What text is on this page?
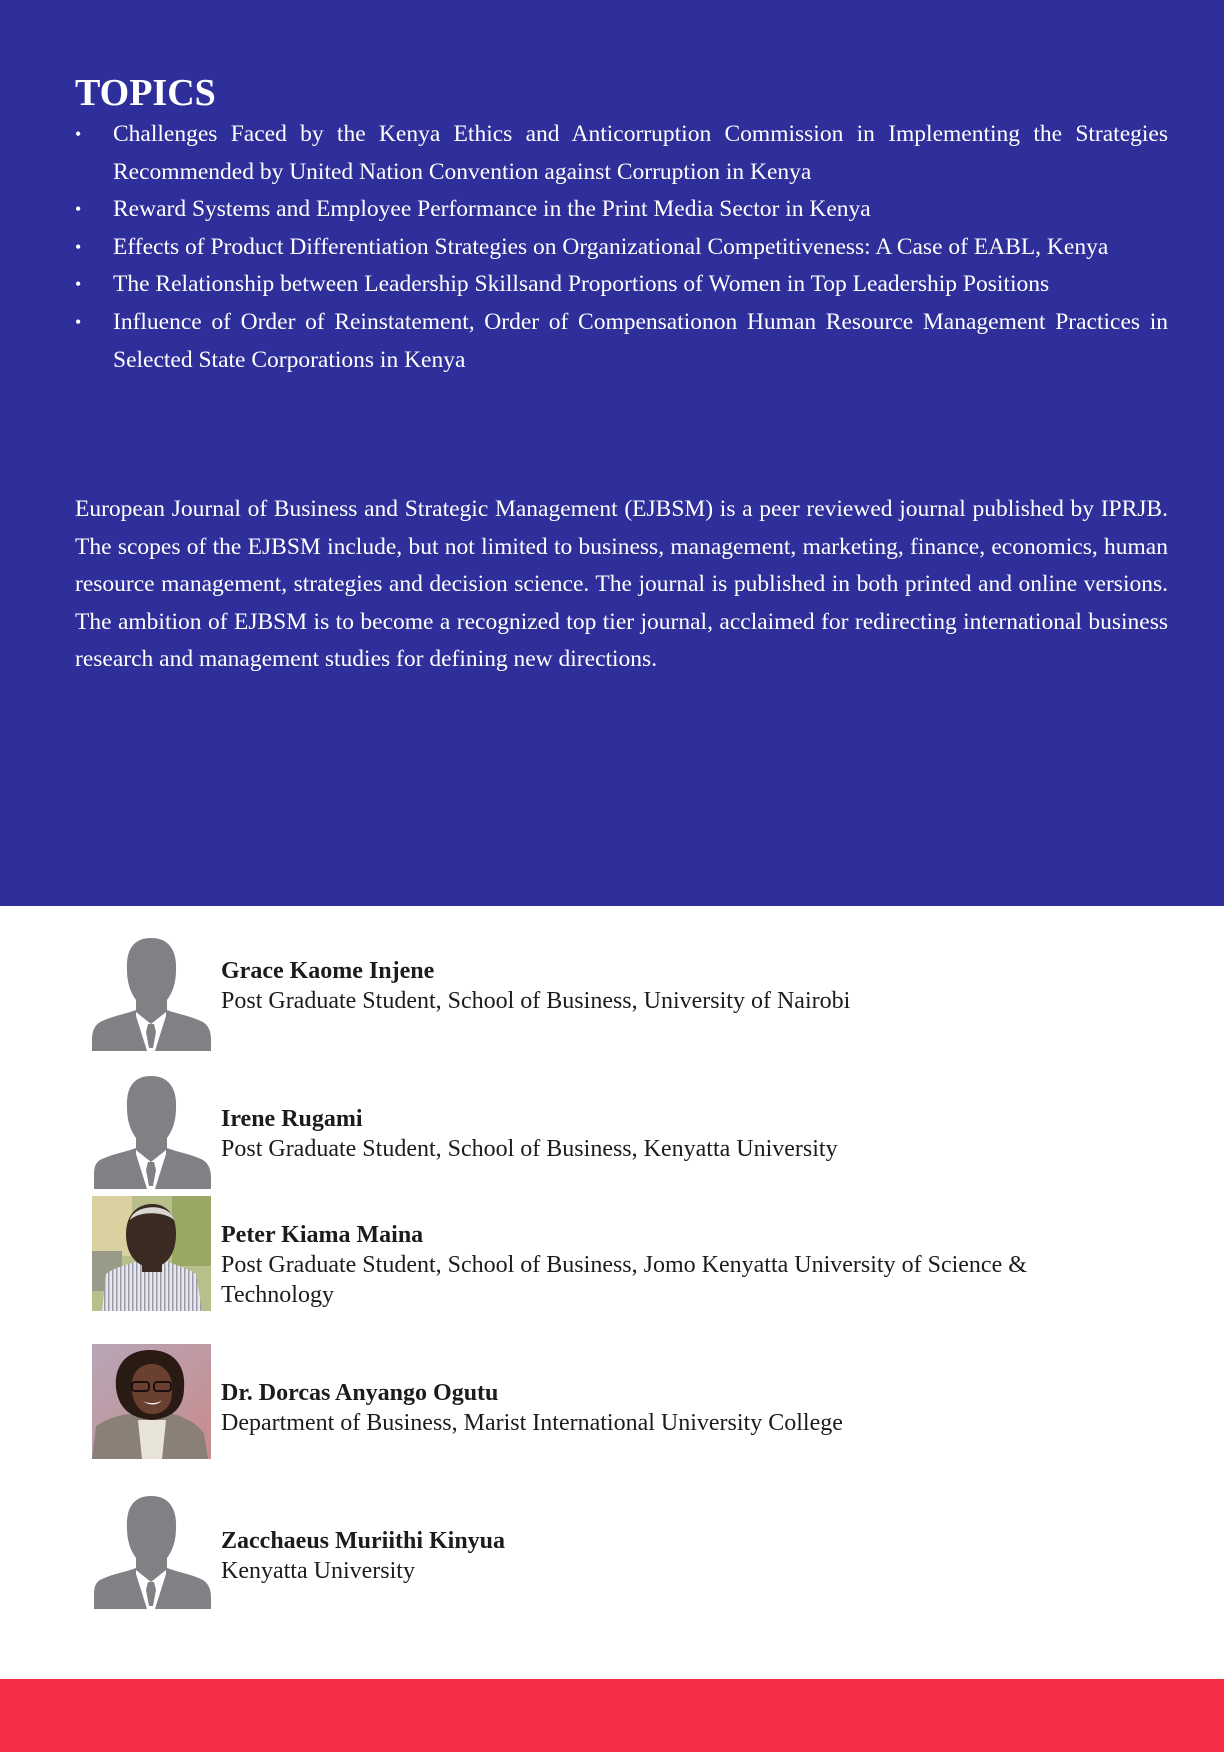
TOPICS
•	Challenges Faced by the Kenya Ethics and Anticorruption Commission in Implementing the Strategies Recommended by United Nation Convention against Corruption in Kenya
•	Reward Systems and Employee Performance in the Print Media Sector in Kenya
•	Effects of Product Differentiation Strategies on Organizational Competitiveness: A Case of EABL, Kenya
•	The Relationship between Leadership Skillsand Proportions of Women in Top Leadership Positions
•	Influence of Order of Reinstatement, Order of Compensationon Human Resource Management Practices in Selected State Corporations in Kenya

European Journal of Business and Strategic Management (EJBSM) is a peer reviewed journal published by IPRJB. The scopes of the EJBSM include, but not limited to business, management, marketing, finance, economics, human resource management, strategies and decision science. The journal is published in both printed and online versions. The ambition of EJBSM is to become a recognized top tier journal, acclaimed for redirecting international business research and management studies for defining new directions.

Grace Kaome Injene
Post Graduate Student, School of Business, University of Nairobi
Irene Rugami
Post Graduate Student, School of Business, Kenyatta University
Peter Kiama Maina
Post Graduate Student, School of Business, Jomo Kenyatta University of Science & Technology
Dr. Dorcas Anyango Ogutu
Department of Business, Marist International University College
Zacchaeus Muriithi Kinyua
Kenyatta University
